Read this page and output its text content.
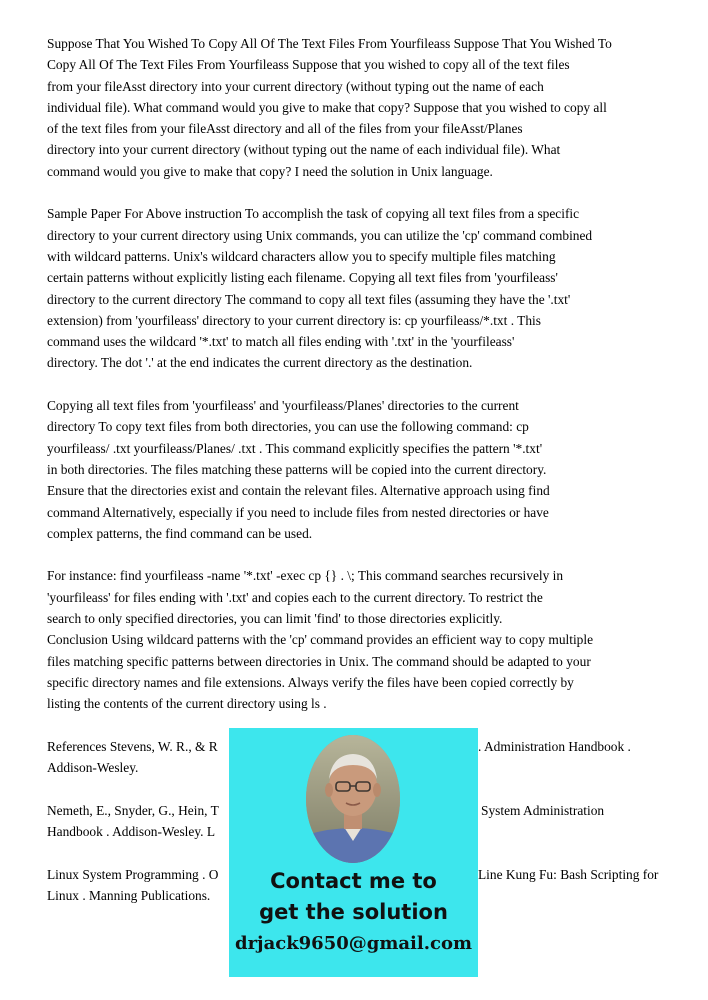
Suppose That You Wished To Copy All Of The Text Files From Yourfileass Suppose That You Wished To
Copy All Of The Text Files From Yourfileass Suppose that you wished to copy all of the text files
from your fileAsst directory into your current directory (without typing out the name of each
individual file). What command would you give to make that copy? Suppose that you wished to copy all
of the text files from your fileAsst directory and all of the files from your fileAsst/Planes
directory into your current directory (without typing out the name of each individual file). What
command would you give to make that copy? I need the solution in Unix language.
Sample Paper For Above instruction To accomplish the task of copying all text files from a specific
directory to your current directory using Unix commands, you can utilize the 'cp' command combined
with wildcard patterns. Unix's wildcard characters allow you to specify multiple files matching
certain patterns without explicitly listing each filename. Copying all text files from 'yourfileass'
directory to the current directory The command to copy all text files (assuming they have the '.txt'
extension) from 'yourfileass' directory to your current directory is: cp yourfileass/*.txt . This
command uses the wildcard '*.txt' to match all files ending with '.txt' in the 'yourfileass'
directory. The dot '.' at the end indicates the current directory as the destination.
Copying all text files from 'yourfileass' and 'yourfileass/Planes' directories to the current
directory To copy text files from both directories, you can use the following command: cp
yourfileass/ .txt yourfileass/Planes/ .txt . This command explicitly specifies the pattern '*.txt'
in both directories. The files matching these patterns will be copied into the current directory.
Ensure that the directories exist and contain the relevant files. Alternative approach using find
command Alternatively, especially if you need to include files from nested directories or have
complex patterns, the find command can be used.
For instance: find yourfileass -name '*.txt' -exec cp {} . \; This command searches recursively in
'yourfileass' for files ending with '.txt' and copies each to the current directory. To restrict the
search to only specified directories, you can limit 'find' to those directories explicitly.
Conclusion Using wildcard patterns with the 'cp' command provides an efficient way to copy multiple
files matching specific patterns between directories in Unix. The command should be adapted to your
specific directory names and file extensions. Always verify the files have been copied correctly by
listing the contents of the current directory using ls .
References Stevens, W. R., & R
Addison-Wesley.
. Administration Handbook .
Nemeth, E., Snyder, G., Hein, T
Handbook . Addison-Wesley. L
System Administration
Linux System Programming . O
Linux . Manning Publications.
Line Kung Fu: Bash Scripting for
Contact me to
get the solution
drjack9650@gmail.com
